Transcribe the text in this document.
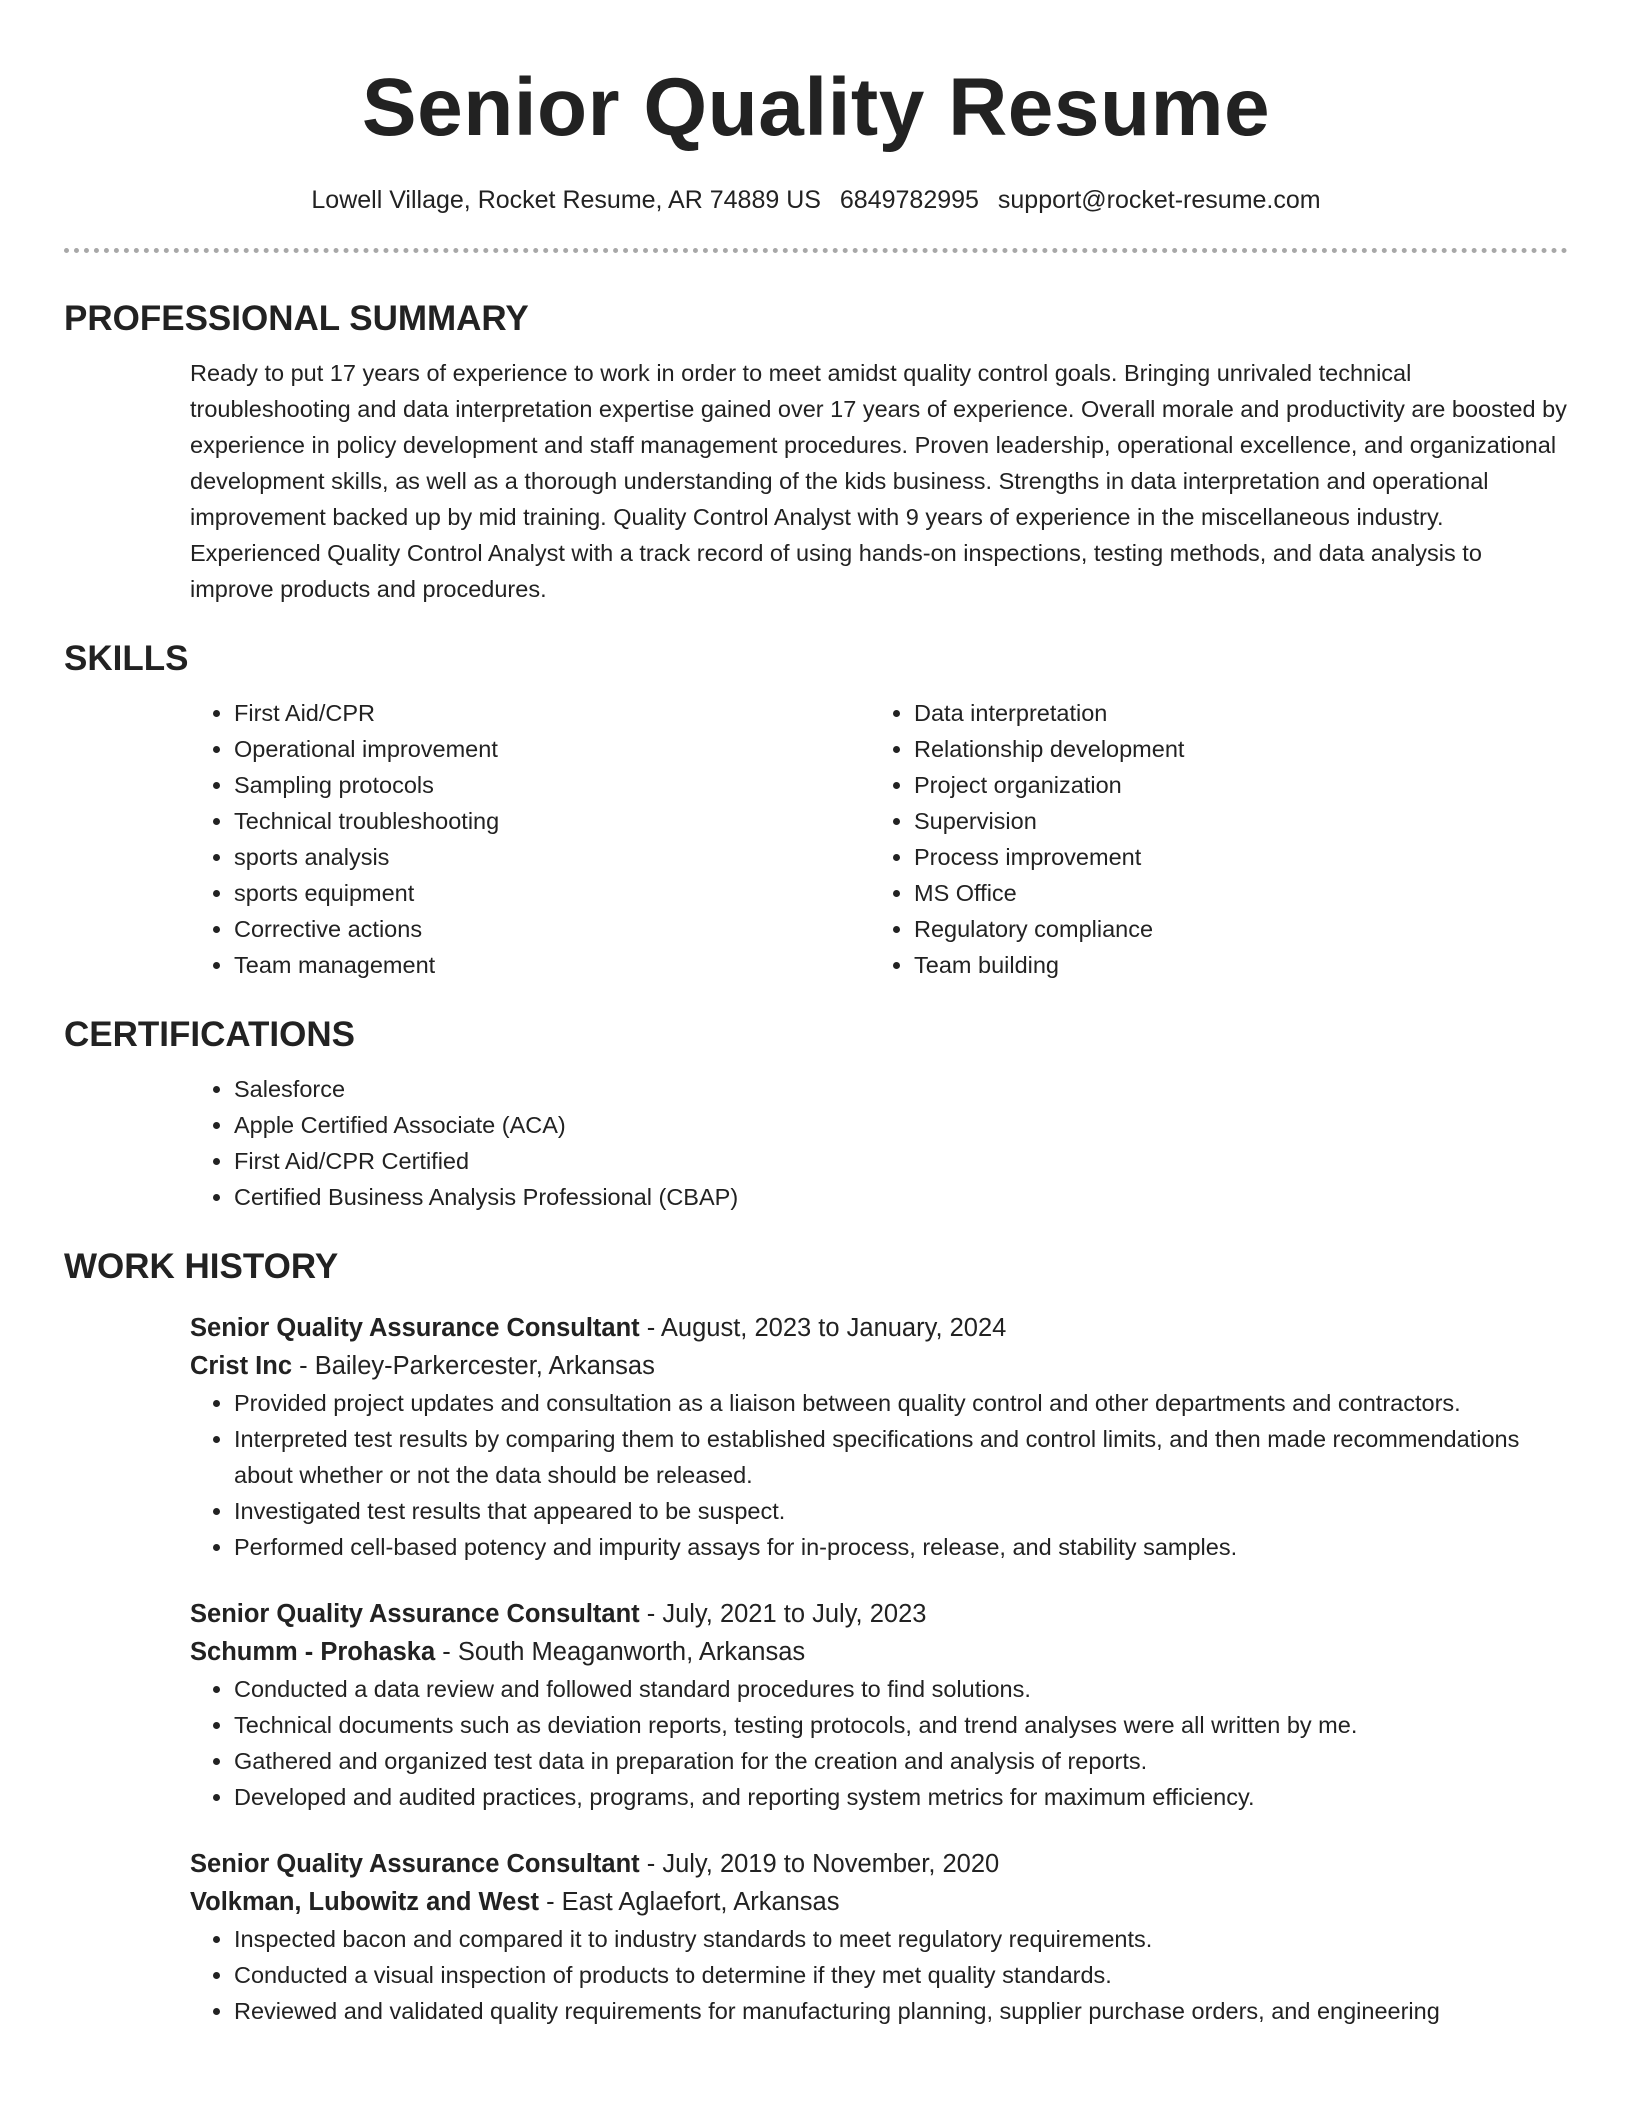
Senior Quality Resume
Lowell Village, Rocket Resume, AR 74889 US 6849782995 support@rocket-resume.com
PROFESSIONAL SUMMARY

Ready to put 17 years of experience to work in order to meet amidst quality control goals. Bringing unrivaled technical troubleshooting and data interpretation expertise gained over 17 years of experience. Overall morale and productivity are boosted by experience in policy development and staff management procedures. Proven leadership, operational excellence, and organizational development skills, as well as a thorough understanding of the kids business. Strengths in data interpretation and operational improvement backed up by mid training. Quality Control Analyst with 9 years of experience in the miscellaneous industry. Experienced Quality Control Analyst with a track record of using hands-on inspections, testing methods, and data analysis to improve products and procedures.

SKILLS
• First Aid/CPR
• Operational improvement
• Sampling protocols
• Technical troubleshooting
• sports analysis
• sports equipment
• Corrective actions
• Team management
• Data interpretation
• Relationship development
• Project organization
• Supervision
• Process improvement
• MS Office
• Regulatory compliance
• Team building
CERTIFICATIONS
• Salesforce
• Apple Certified Associate (ACA)
• First Aid/CPR Certified
• Certified Business Analysis Professional (CBAP)
WORK HISTORY
Senior Quality Assurance Consultant - August, 2023 to January, 2024
Crist Inc - Bailey-Parkercester, Arkansas
• Provided project updates and consultation as a liaison between quality control and other departments and contractors.
• Interpreted test results by comparing them to established specifications and control limits, and then made recommendations about whether or not the data should be released.
• Investigated test results that appeared to be suspect.
• Performed cell-based potency and impurity assays for in-process, release, and stability samples.
Senior Quality Assurance Consultant - July, 2021 to July, 2023
Schumm - Prohaska - South Meaganworth, Arkansas
• Conducted a data review and followed standard procedures to find solutions.
• Technical documents such as deviation reports, testing protocols, and trend analyses were all written by me.
• Gathered and organized test data in preparation for the creation and analysis of reports.
• Developed and audited practices, programs, and reporting system metrics for maximum efficiency.
Senior Quality Assurance Consultant - July, 2019 to November, 2020
Volkman, Lubowitz and West - East Aglaefort, Arkansas
• Inspected bacon and compared it to industry standards to meet regulatory requirements.
• Conducted a visual inspection of products to determine if they met quality standards.
• Reviewed and validated quality requirements for manufacturing planning, supplier purchase orders, and engineering
